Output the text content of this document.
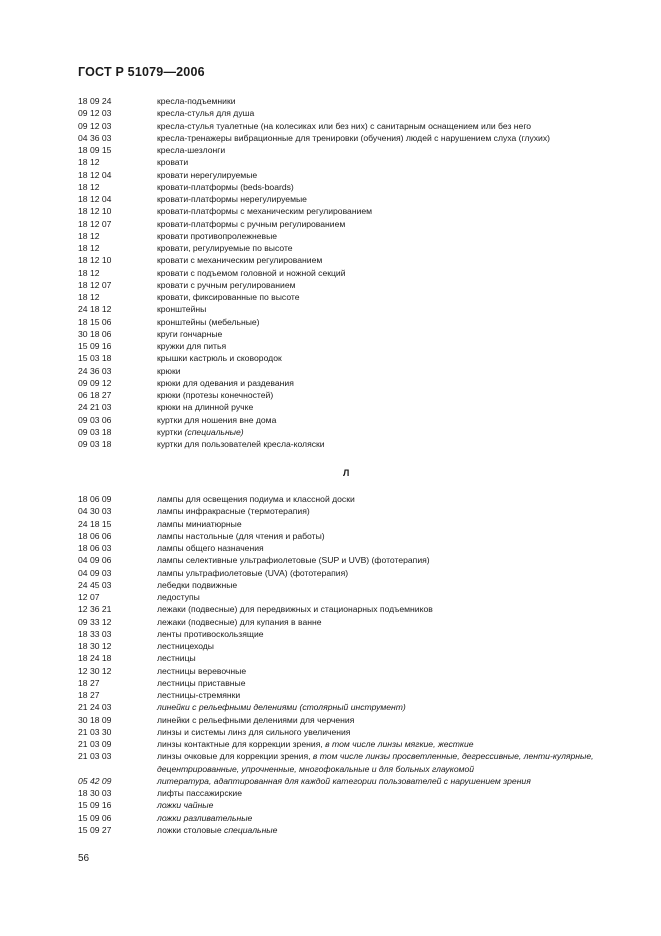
ГОСТ Р 51079—2006
18 09 24	кресла-подъемники
09 12 03	кресла-стулья для душа
09 12 03	кресла-стулья туалетные (на колесиках или без них) с санитарным оснащением или без него
04 36 03	кресла-тренажеры вибрационные для тренировки (обучения) людей с нарушением слуха (глухих)
18 09 15	кресла-шезлонги
18 12	кровати
18 12 04	кровати нерегулируемые
18 12	кровати-платформы (beds-boards)
18 12 04	кровати-платформы нерегулируемые
18 12 10	кровати-платформы с механическим регулированием
18 12 07	кровати-платформы с ручным регулированием
18 12	кровати противопролежневые
18 12	кровати, регулируемые по высоте
18 12 10	кровати с механическим регулированием
18 12	кровати с подъемом головной и ножной секций
18 12 07	кровати с ручным регулированием
18 12	кровати, фиксированные по высоте
24 18 12	кронштейны
18 15 06	кронштейны (мебельные)
30 18 06	круги гончарные
15 09 16	кружки для питья
15 03 18	крышки кастрюль и сковородок
24 36 03	крюки
09 09 12	крюки для одевания и раздевания
06 18 27	крюки (протезы конечностей)
24 21 03	крюки на длинной ручке
09 03 06	куртки для ношения вне дома
09 03 18	куртки (специальные)
09 03 18	куртки для пользователей кресла-коляски
Л
18 06 09	лампы для освещения подиума и классной доски
04 30 03	лампы инфракрасные (термотерапия)
24 18 15	лампы миниатюрные
18 06 06	лампы настольные (для чтения и работы)
18 06 03	лампы общего назначения
04 09 06	лампы селективные ультрафиолетовые (SUP и UVB) (фототерапия)
04 09 03	лампы ультрафиолетовые (UVA) (фототерапия)
24 45 03	лебедки подвижные
12 07	ледоступы
12 36 21	лежаки (подвесные) для передвижных и стационарных подъемников
09 33 12	лежаки (подвесные) для купания в ванне
18 33 03	ленты противоскользящие
18 30 12	лестницеходы
18 24 18	лестницы
12 30 12	лестницы веревочные
18 27	лестницы приставные
18 27	лестницы-стремянки
21 24 03	линейки с рельефными делениями (столярный инструмент)
30 18 09	линейки с рельефными делениями для черчения
21 03 30	линзы и системы линз для сильного увеличения
21 03 09	линзы контактные для коррекции зрения, в том числе линзы мягкие, жесткие
21 03 03	линзы очковые для коррекции зрения, в том числе линзы просветленные, дегрессивные, ленти-кулярные, децентрированные, упрочненные, многофокальные и для больных глаукомой
05 42 09	литература, адаптированная для каждой категории пользователей с нарушением зрения
18 30 03	лифты пассажирские
15 09 16	ложки чайные
15 09 06	ложки разливательные
15 09 27	ложки столовые специальные
56
